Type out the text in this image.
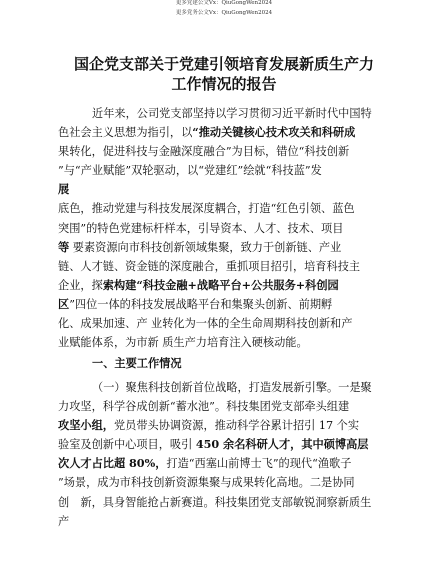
更多党建公文Vx：QiuGongWen2024
更多党务公文Vx：QiuGongWen2024
国企党支部关于党建引领培育发展新质生产力
工作情况的报告
近年来，公司党支部坚持以学习贯彻习近平新时代中国特
色社会主义思想为指引，以“推动关键核心技术攻关和科研成
果转化，促进科技与金融深度融合”为目标，错位“科技创新
”与“产业赋能”双轮驱动，以“党建红”绘就“科技蓝”发
展
底色，推动党建与科技发展深度耦合，打造“红色引领、蓝色
突围”的特色党建标杆样本，引导资本、人才、技术、项目
等 要素资源向市科技创新领域集聚，致力于创新链、产业
链、人才链、资金链的深度融合，重抓项目招引，培育科技主
企业，探索构建“科技金融+战略平台+公共服务+科创园
区”四位一体的科技发展战略平台和集聚头创新、前期孵
化、成果加速、产 业转化为一体的全生命周期科技创新和产
业赋能体系，为市新 质生产力培育注入硬核动能。
一、主要工作情况
（一）聚焦科技创新首位战略，打造发展新引擎。一是聚
力攻坚，科学谷成创新“蓄水池”。科技集团党支部牵头组建
攻坚小组，党员带头协调资源，推动科学谷累计招引 17 个实
验室及创新中心项目，吸引 450 余名科研人才，其中硕博高层
次人才占比超 80%，打造“西塞山前博士飞”的现代“渔歌子
”场景，成为市科技创新资源集聚与成果转化高地。二是协同
创　新，具身智能抢占新赛道。科技集团党支部敏锐洞察新质生
产
